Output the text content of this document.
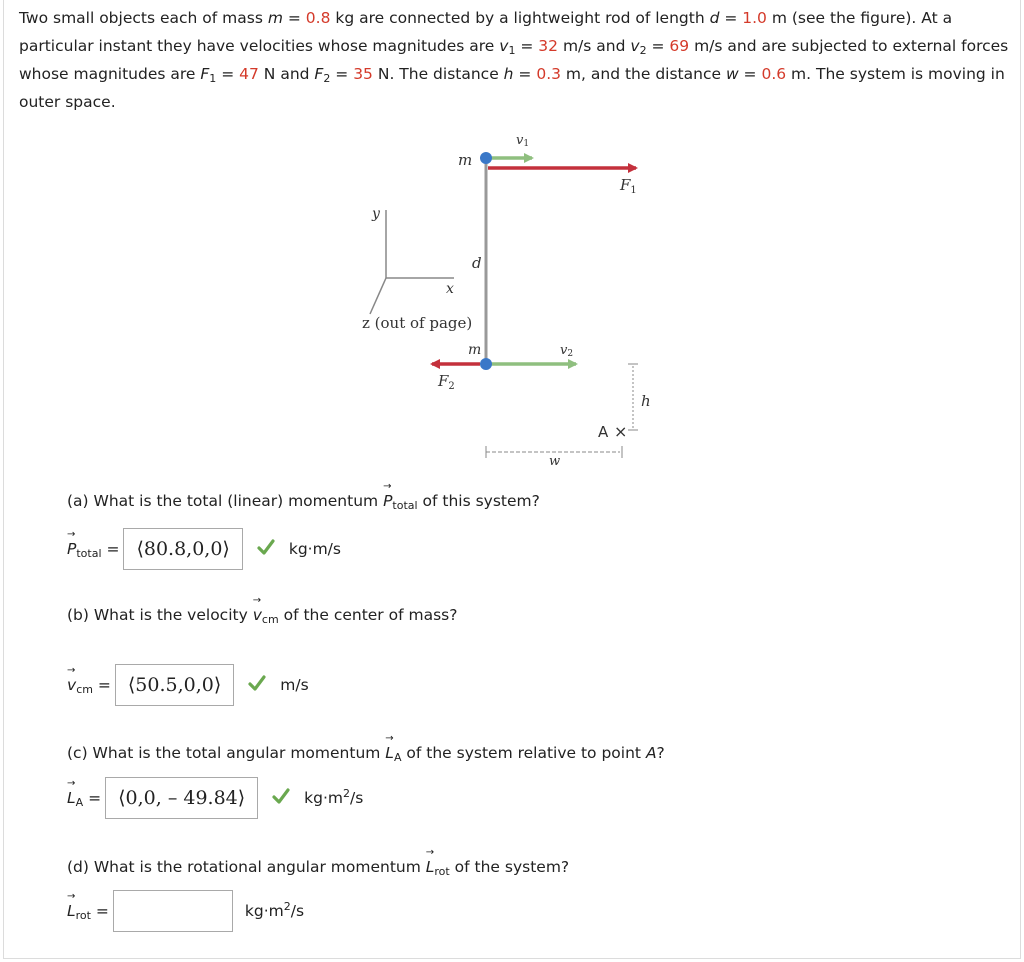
Two small objects each of mass m = 0.8 kg are connected by a lightweight rod of length d = 1.0 m (see the figure). At a particular instant they have velocities whose magnitudes are $v_1 = 32$ m/s and $v_2 = 69$ m/s and are subjected to external forces whose magnitudes are $F_1 = 47$ N and $F_2 = 35$ N. The distance h = 0.3 m, and the distance w = 0.6 m. The system is moving in outer space.
m
v1
$F_1$
y
d
x
z (out of page)
m	v2
$F_2$
h
A ×
w
(a) What is the total (linear) momentum → $P_{total}$ of this system?
→ $P_{total}$ = ⟨80.8,0,0⟩	kg·m/s
(b) What is the velocity → $v_{cm}$ of the center of mass?
→ $v_{cm}$ = ⟨50.5,0,0⟩	m/s
(c) What is the total angular momentum → $L_A$ of the system relative to point A?
→ $L_A$ = ⟨0,0, – 49.84⟩	$kg\cdot m^2/s$
(d) What is the rotational angular momentum → $L_{rot}$ of the system?
→ $L_{rot}$ =	$kg\cdot m^2/s$
